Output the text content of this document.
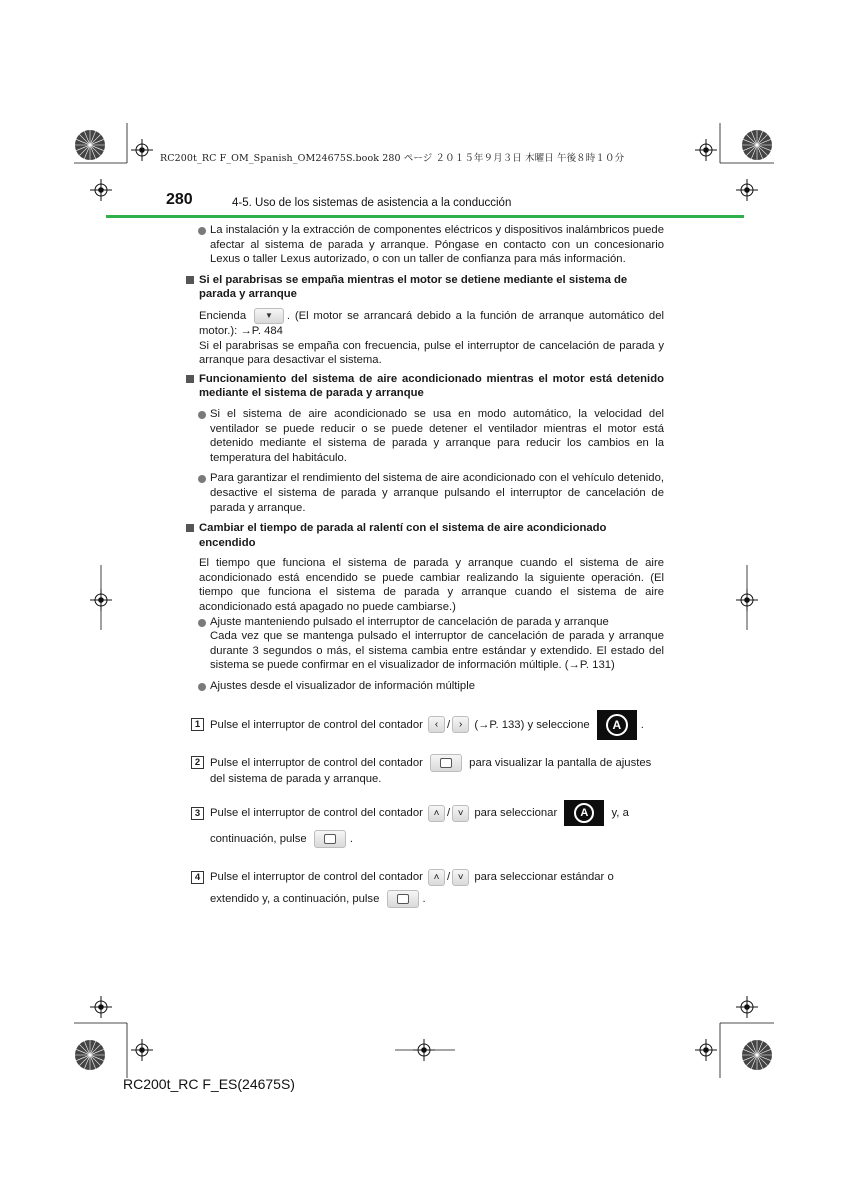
RC200t_RC F_OM_Spanish_OM24675S.book 280 ページ ２０１５年９月３日 木曜日 午後８時１０分
280	4-5. Uso de los sistemas de asistencia a la conducción
La instalación y la extracción de componentes eléctricos y dispositivos inalámbricos puede afectar al sistema de parada y arranque. Póngase en contacto con un concesionario Lexus o taller Lexus autorizado, o con un taller de confianza para más información.
Si el parabrisas se empaña mientras el motor se detiene mediante el sistema de parada y arranque

Encienda ▼ . (El motor se arrancará debido a la función de arranque automático del motor.): →P. 484

Si el parabrisas se empaña con frecuencia, pulse el interruptor de cancelación de parada y arranque para desactivar el sistema.

Funcionamiento del sistema de aire acondicionado mientras el motor está detenido mediante el sistema de parada y arranque
Si el sistema de aire acondicionado se usa en modo automático, la velocidad del ventilador se puede reducir o se puede detener el ventilador mientras el motor está detenido mediante el sistema de parada y arranque para reducir los cambios en la temperatura del habitáculo.
Para garantizar el rendimiento del sistema de aire acondicionado con el vehículo detenido, desactive el sistema de parada y arranque pulsando el interruptor de cancelación de parada y arranque.
Cambiar el tiempo de parada al ralentí con el sistema de aire acondicionado encendido

El tiempo que funciona el sistema de parada y arranque cuando el sistema de aire acondicionado está encendido se puede cambiar realizando la siguiente operación. (El tiempo que funciona el sistema de parada y arranque cuando el sistema de aire acondicionado está apagado no puede cambiarse.)

Ajuste manteniendo pulsado el interruptor de cancelación de parada y arranque
Cada vez que se mantenga pulsado el interruptor de cancelación de parada y arranque durante 3 segundos o más, el sistema cambia entre estándar y extendido. El estado del sistema se puede confirmar en el visualizador de información múltiple. (→P. 131)
Ajustes desde el visualizador de información múltiple
1 Pulse el interruptor de control del contador ‹ / › (→P. 133) y seleccione A .
2 Pulse el interruptor de control del contador	para visualizar la pantalla de ajustes del sistema de parada y arranque.
3 Pulse el interruptor de control del contador ˄ / ˅ para seleccionar A y, a continuación, pulse	.
4 Pulse el interruptor de control del contador ˄ / ˅ para seleccionar estándar o extendido y, a continuación, pulse	.
RC200t_RC F_ES(24675S)
